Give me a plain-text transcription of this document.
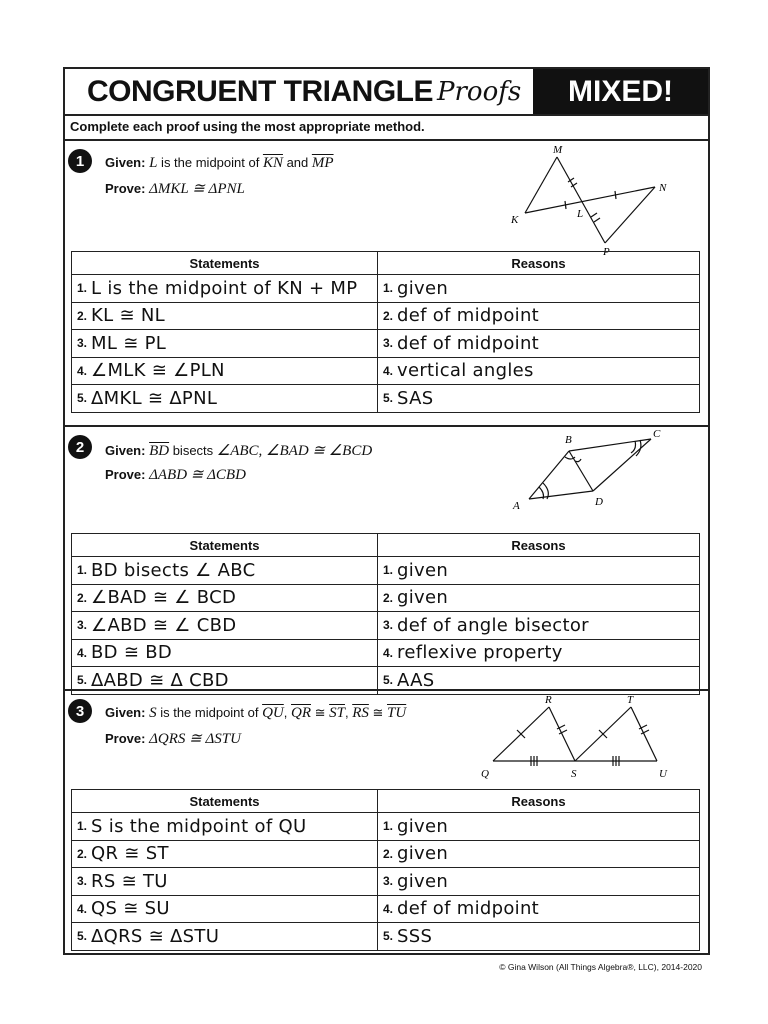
CONGRUENT TRIANGLE Proofs	MIXED!
Complete each proof using the most appropriate method.
1	Given: L is the midpoint of $\overline{KN}$ and $\overline{MP}$
Prove: ΔMKL ≅ ΔPNL
M
N
K	L
P
Statements	Reasons
1. L is the midpoint of KN + MP	1. given
2. KL ≅ NL	2. def of midpoint
3. ML ≅ PL	3. def of midpoint
4. ∠MLK ≅ ∠PLN	4. vertical angles
5. ΔMKL ≅ ΔPNL	5. SAS
2	Given: $\overline{BD}$ bisects ∠ABC, ∠BAD ≅ ∠BCD
Prove: ΔABD ≅ ΔCBD
B	C
A	D
Statements	Reasons
1. BD bisects ∠ ABC	1. given
2. ∠BAD ≅ ∠ BCD	2. given
3. ∠ABD ≅ ∠ CBD	3. def of angle bisector
4. BD ≅ BD	4. reflexive property
5. ΔABD ≅ Δ CBD	5. AAS
3	Given: S is the midpoint of $\overline{QU}$, $\overline{QR}$ ≅ $\overline{ST}$, $\overline{RS}$ ≅ $\overline{TU}$
Prove: ΔQRS ≅ ΔSTU
R	T
Q	S	U
Statements	Reasons
1. S is the midpoint of QU	1. given
2. QR ≅ ST	2. given
3. RS ≅ TU	3. given
4. QS ≅ SU	4. def of midpoint
5. ΔQRS ≅ ΔSTU	5. SSS
© Gina Wilson (All Things Algebra®, LLC), 2014-2020
